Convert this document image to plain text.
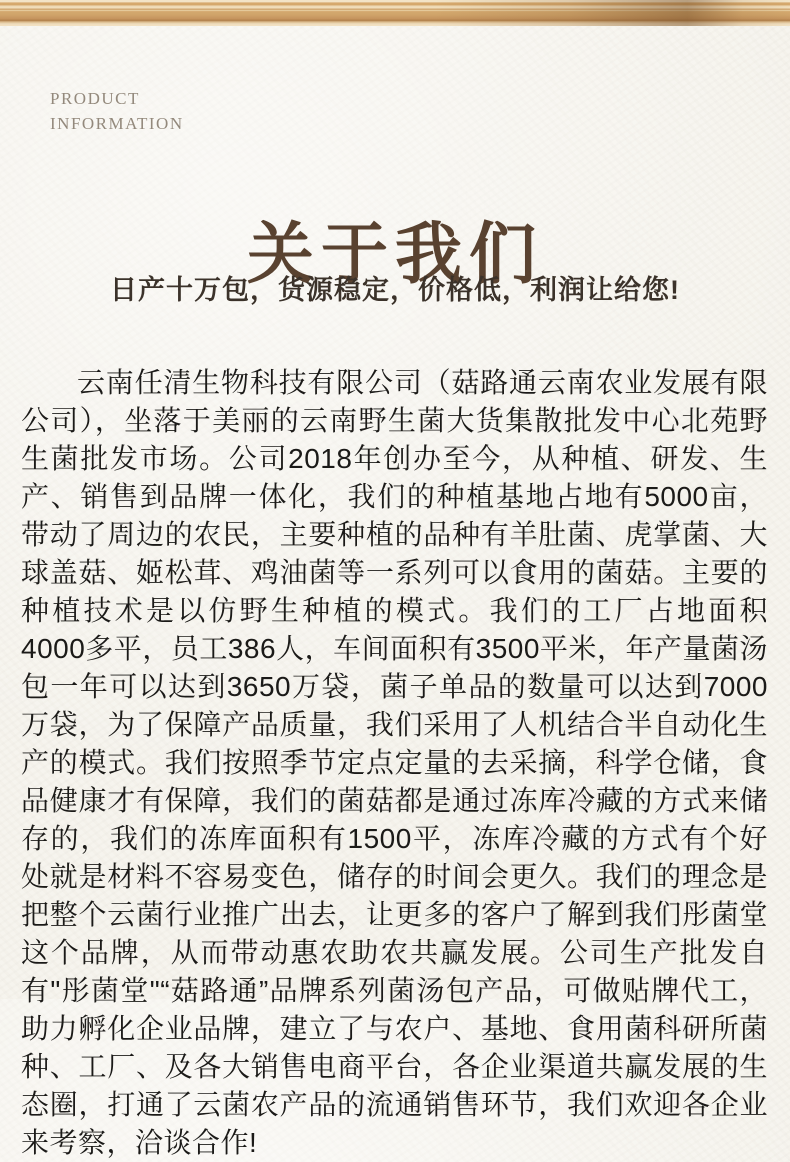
PRODUCT
INFORMATION
关于我们
日产十万包，货源稳定，价格低，利润让给您!

云南任清生物科技有限公司（菇路通云南农业发展有限公司），坐落于美丽的云南野生菌大货集散批发中心北苑野生菌批发市场。公司2018年创办至今，从种植、研发、生产、销售到品牌一体化，我们的种植基地占地有5000亩，带动了周边的农民，主要种植的品种有羊肚菌、虎掌菌、大球盖菇、姬松茸、鸡油菌等一系列可以食用的菌菇。主要的种植技术是以仿野生种植的模式。我们的工厂占地面积4000多平，员工386人，车间面积有3500平米，年产量菌汤包一年可以达到3650万袋，菌子单品的数量可以达到7000万袋，为了保障产品质量，我们采用了人机结合半自动化生产的模式。我们按照季节定点定量的去采摘，科学仓储，食品健康才有保障，我们的菌菇都是通过冻库冷藏的方式来储存的，我们的冻库面积有1500平，冻库冷藏的方式有个好处就是材料不容易变色，储存的时间会更久。我们的理念是把整个云菌行业推广出去，让更多的客户了解到我们彤菌堂这个品牌，从而带动惠农助农共赢发展。公司生产批发自有"彤菌堂"“菇路通”品牌系列菌汤包产品，可做贴牌代工，助力孵化企业品牌，建立了与农户、基地、食用菌科研所菌种、工厂、及各大销售电商平台，各企业渠道共赢发展的生态圈，打通了云菌农产品的流通销售环节，我们欢迎各企业来考察，洽谈合作!
